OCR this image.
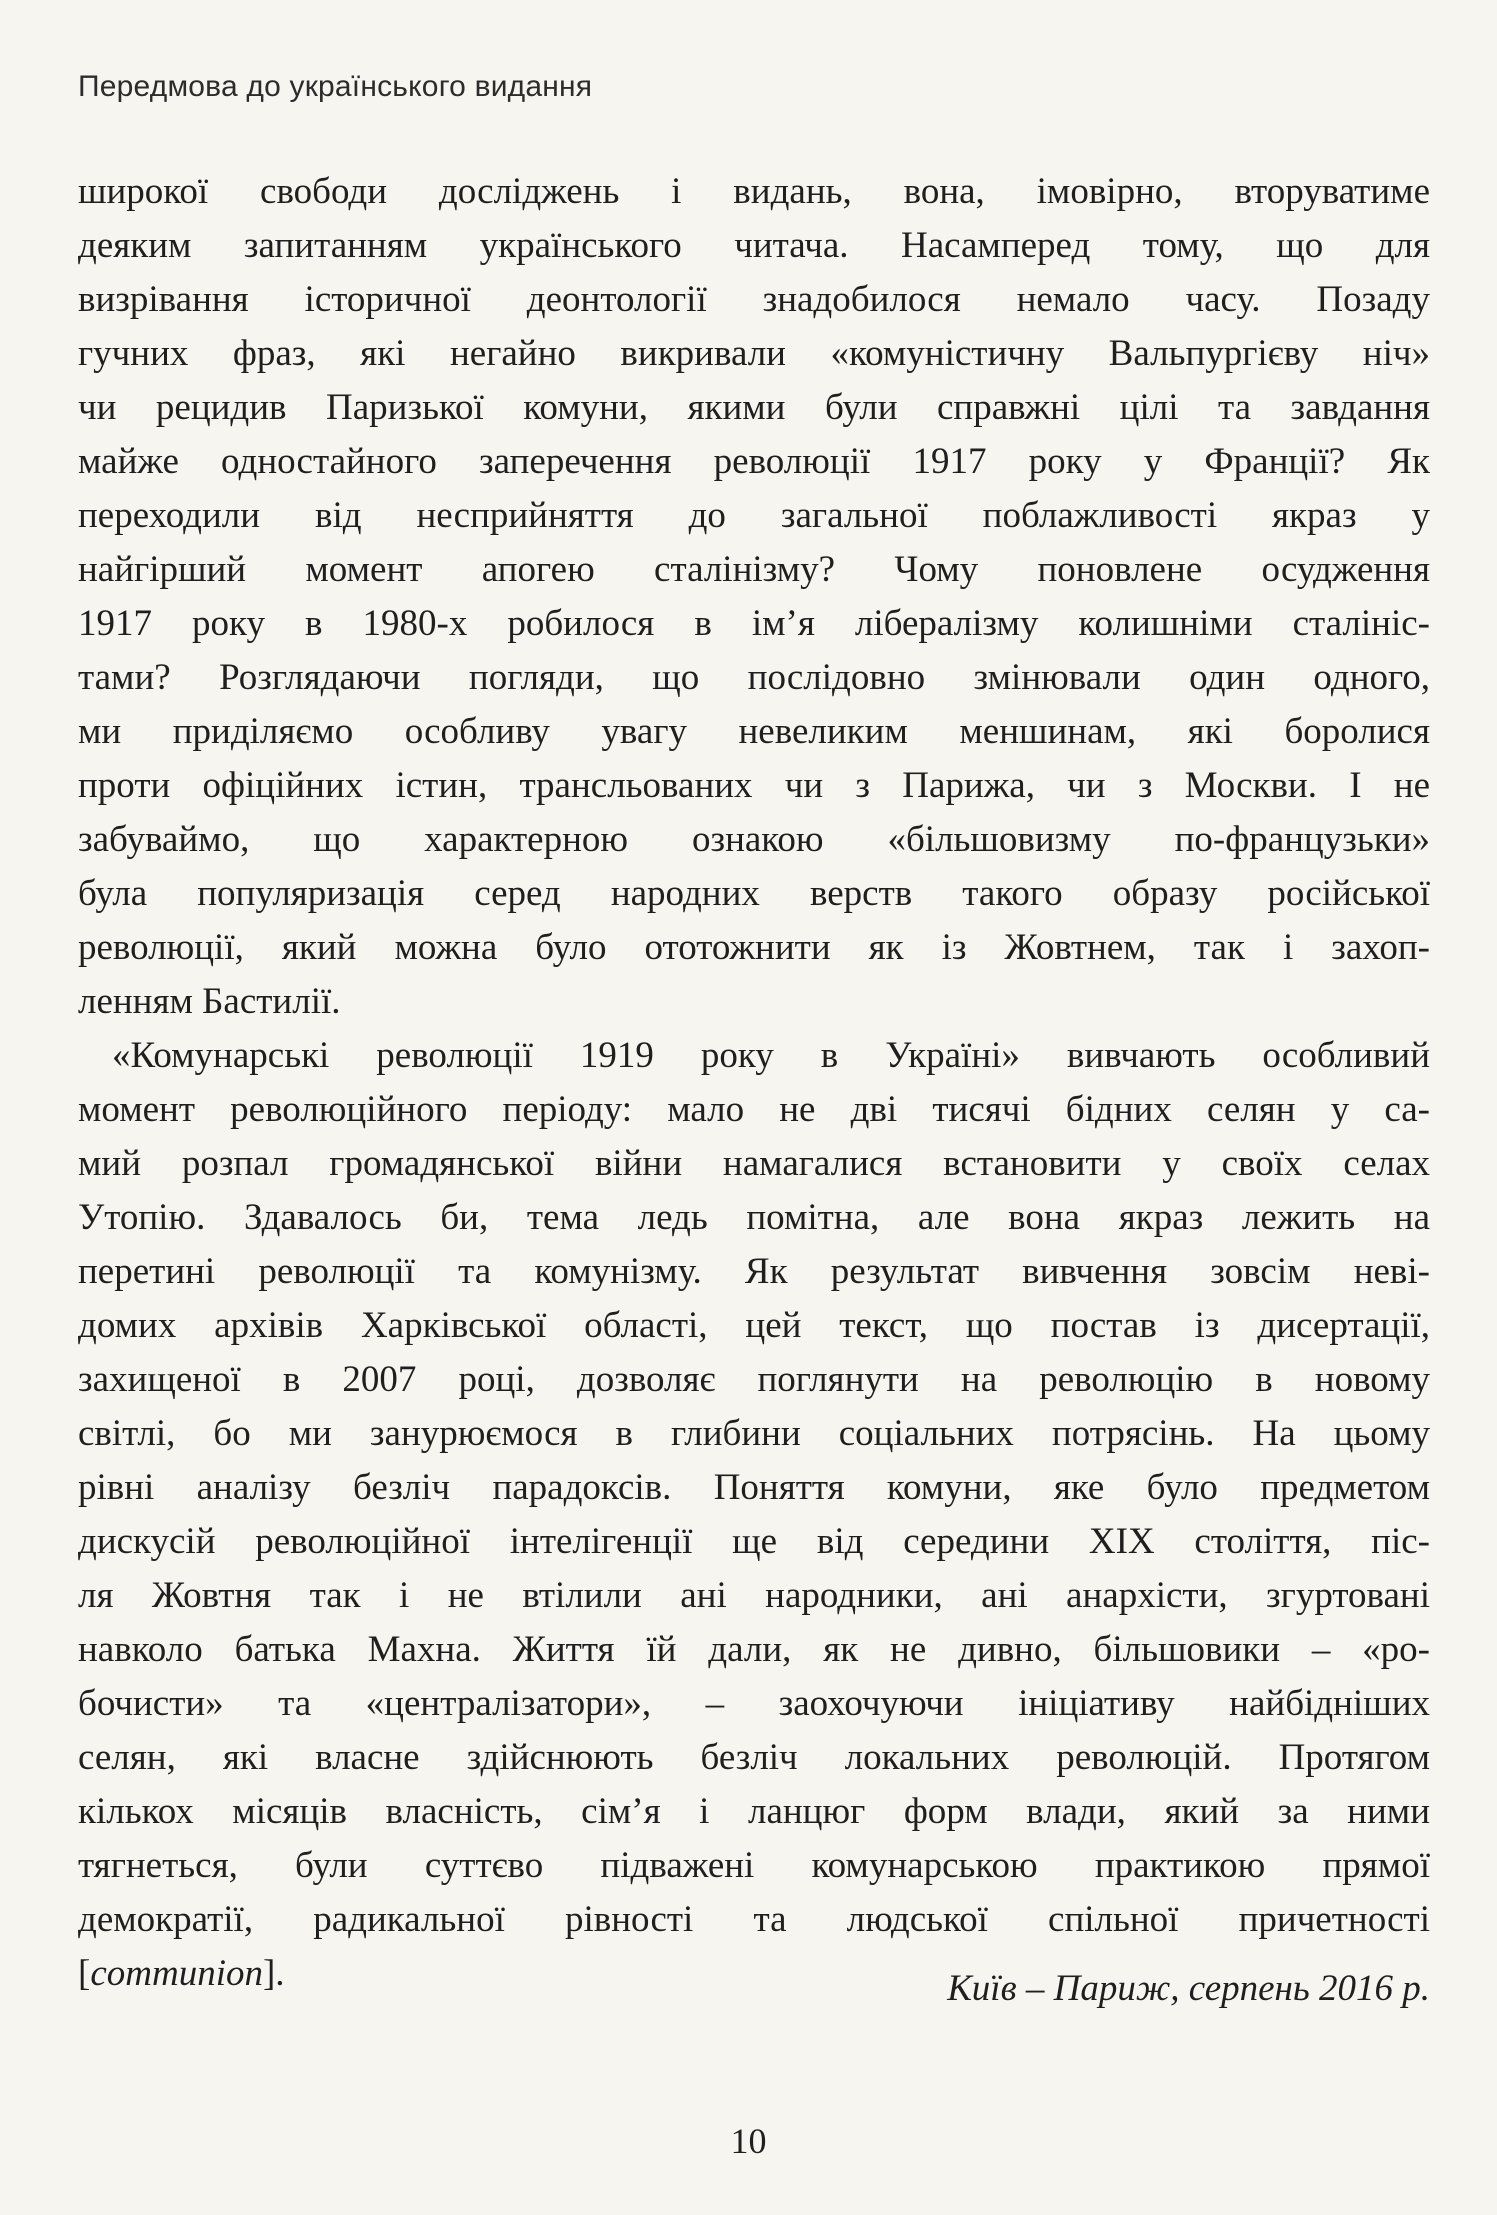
Передмова до українського видання
широкої свободи досліджень і видань, вона, імовірно, вторуватиме
деяким запитанням українського читача. Насамперед тому, що для
визрівання історичної деонтології знадобилося немало часу. Позаду
гучних фраз, які негайно викривали «комуністичну Вальпургієву ніч»
чи рецидив Паризької комуни, якими були справжні цілі та завдання
майже одностайного заперечення революції 1917 року у Франції? Як
переходили від несприйняття до загальної поблажливості якраз у
найгірший момент апогею сталінізму? Чому поновлене осудження
1917 року в 1980-х робилося в ім’я лібералізму колишніми сталініс-
тами? Розглядаючи погляди, що послідовно змінювали один одного,
ми приділяємо особливу увагу невеликим меншинам, які боролися
проти офіційних істин, трансльованих чи з Парижа, чи з Москви. І не
забуваймо, що характерною ознакою «більшовизму по-французьки»
була популяризація серед народних верств такого образу російської
революції, який можна було ототожнити як із Жовтнем, так і захоп-
ленням Бастилії.
«Комунарські революції 1919 року в Україні» вивчають особливий
момент революційного періоду: мало не дві тисячі бідних селян у са-
мий розпал громадянської війни намагалися встановити у своїх селах
Утопію. Здавалось би, тема ледь помітна, але вона якраз лежить на
перетині революції та комунізму. Як результат вивчення зовсім неві-
домих архівів Харківської області, цей текст, що постав із дисертації,
захищеної в 2007 році, дозволяє поглянути на революцію в новому
світлі, бо ми занурюємося в глибини соціальних потрясінь. На цьому
рівні аналізу безліч парадоксів. Поняття комуни, яке було предметом
дискусій революційної інтелігенції ще від середини XIX століття, піс-
ля Жовтня так і не втілили ані народники, ані анархісти, згуртовані
навколо батька Махна. Життя їй дали, як не дивно, більшовики – «ро-
бочисти» та «централізатори», – заохочуючи ініціативу найбідніших
селян, які власне здійснюють безліч локальних революцій. Протягом
кількох місяців власність, сім’я і ланцюг форм влади, який за ними
тягнеться, були суттєво підважені комунарською практикою прямої
демократії, радикальної рівності та людської спільної причетності
[communion].	Київ – Париж, серпень 2016 р.
10
